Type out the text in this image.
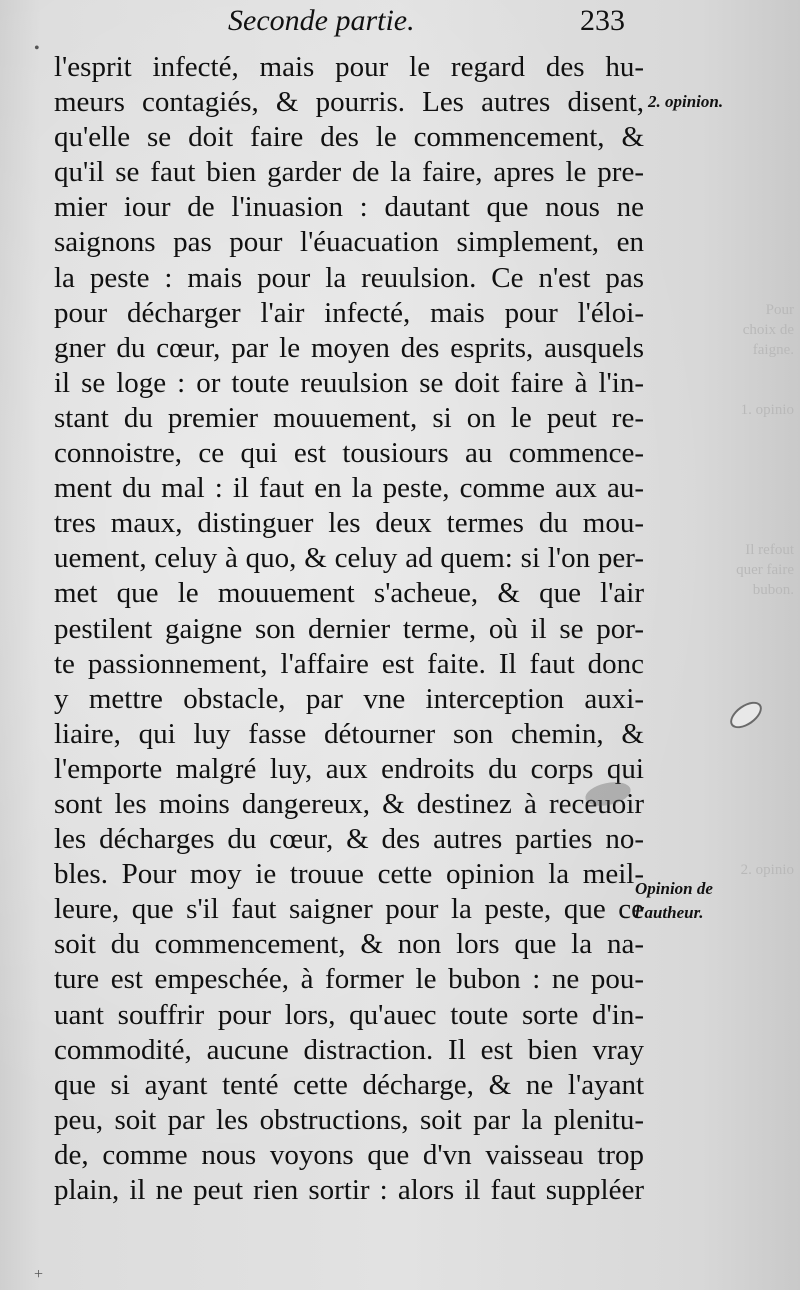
Pour
choix de
faigne.

1. opinio

Il refout
quer faire
bubon.

2. opinio
Seconde partie.	233
•
+
l'esprit infecté, mais pour le regard des hu-
meurs contagiés, & pourris. Les autres disent,
qu'elle se doit faire des le commencement, &
qu'il se faut bien garder de la faire, apres le pre-
mier iour de l'inuasion : dautant que nous ne
saignons pas pour l'éuacuation simplement, en
la peste : mais pour la reuulsion. Ce n'est pas
pour décharger l'air infecté, mais pour l'éloi-
gner du cœur, par le moyen des esprits, ausquels
il se loge : or toute reuulsion se doit faire à l'in-
stant du premier mouuement, si on le peut re-
connoistre, ce qui est tousiours au commence-
ment du mal : il faut en la peste, comme aux au-
tres maux, distinguer les deux termes du mou-
uement, celuy à quo, & celuy ad quem: si l'on per-
met que le mouuement s'acheue, & que l'air
pestilent gaigne son dernier terme, où il se por-
te passionnement, l'affaire est faite. Il faut donc
y mettre obstacle, par vne interception auxi-
liaire, qui luy fasse détourner son chemin, &
l'emporte malgré luy, aux endroits du corps qui
sont les moins dangereux, & destinez à receuoir
les décharges du cœur, & des autres parties no-
bles. Pour moy ie trouue cette opinion la meil-
leure, que s'il faut saigner pour la peste, que ce
soit du commencement, & non lors que la na-
ture est empeschée, à former le bubon : ne pou-
uant souffrir pour lors, qu'auec toute sorte d'in-
commodité, aucune distraction. Il est bien vray
que si ayant tenté cette décharge, & ne l'ayant
peu, soit par les obstructions, soit par la plenitu-
de, comme nous voyons que d'vn vaisseau trop
plain, il ne peut rien sortir : alors il faut suppléer
2. opinion.
Opinion de
l'autheur.
